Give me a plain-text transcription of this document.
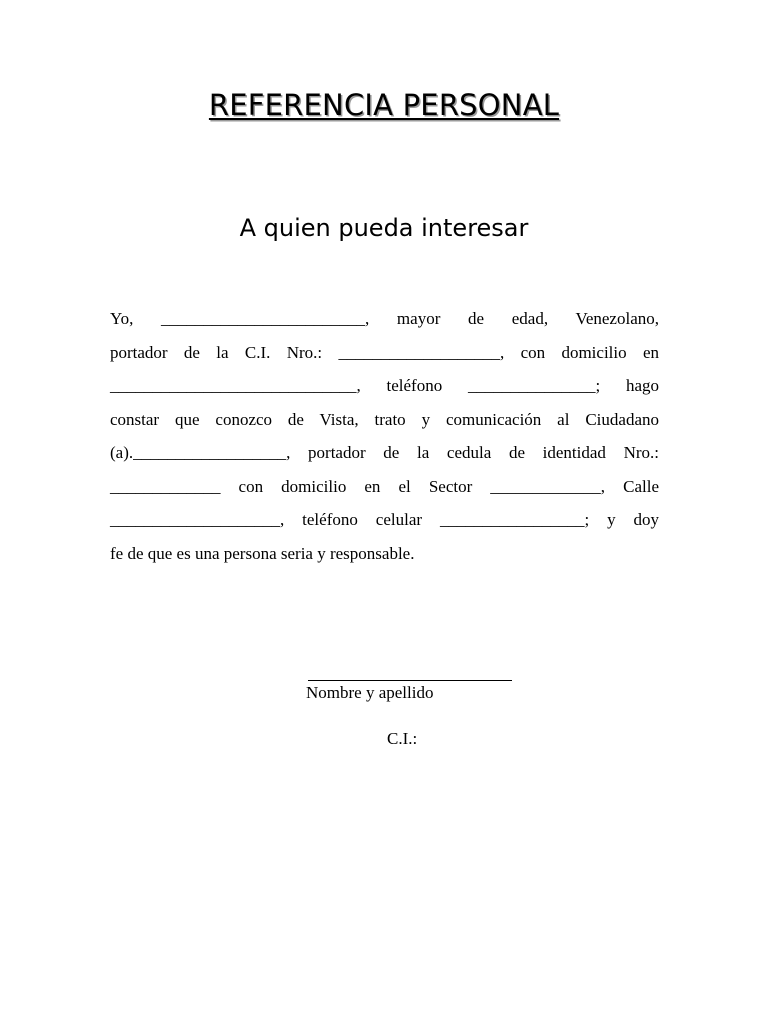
REFERENCIA PERSONAL
A quien pueda interesar
Yo, ________________________, mayor de edad, Venezolano,
portador de la C.I. Nro.: ___________________, con domicilio en
_____________________________, teléfono _______________; hago
constar que conozco de Vista, trato y comunicación al Ciudadano
(a).__________________, portador de la cedula de identidad Nro.:
_____________ con domicilio en el Sector _____________, Calle
____________________, teléfono celular _________________; y doy
fe de que es una persona seria y responsable.
Nombre y apellido
C.I.:
